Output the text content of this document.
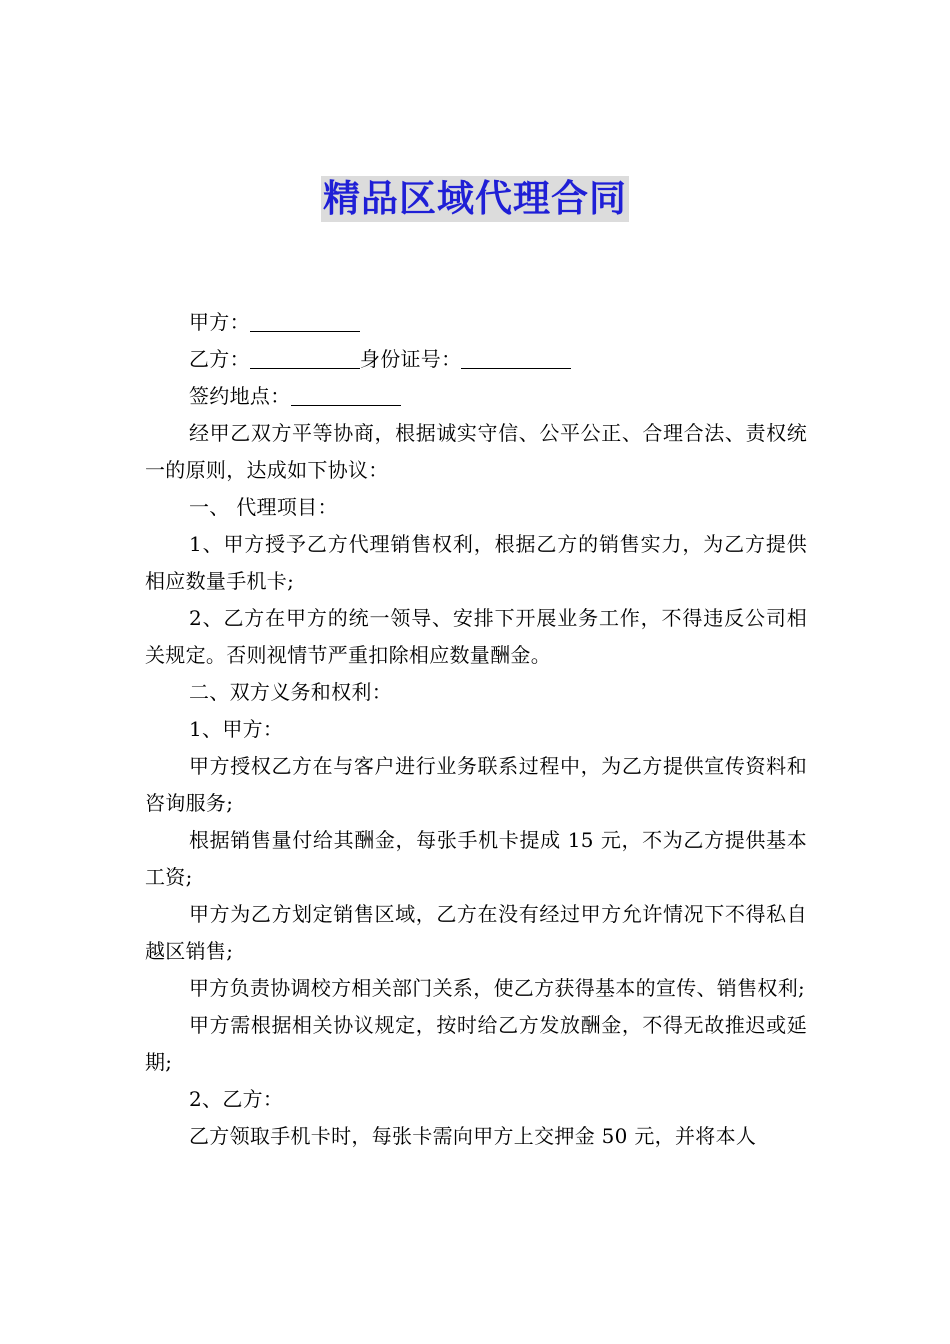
精品区域代理合同

甲方：

乙方：	身份证号：

签约地点：

经甲乙双方平等协商，根据诚实守信、公平公正、合理合法、责权统一的原则，达成如下协议：

一、 代理项目：

1、甲方授予乙方代理销售权利，根据乙方的销售实力，为乙方提供相应数量手机卡;

2、乙方在甲方的统一领导、安排下开展业务工作，不得违反公司相关规定。否则视情节严重扣除相应数量酬金。

二、双方义务和权利：

1、甲方：

甲方授权乙方在与客户进行业务联系过程中，为乙方提供宣传资料和咨询服务;

根据销售量付给其酬金，每张手机卡提成 15 元，不为乙方提供基本工资;

甲方为乙方划定销售区域，乙方在没有经过甲方允许情况下不得私自越区销售;

甲方负责协调校方相关部门关系，使乙方获得基本的宣传、销售权利;

甲方需根据相关协议规定，按时给乙方发放酬金，不得无故推迟或延期;

2、乙方：

乙方领取手机卡时，每张卡需向甲方上交押金 50 元，并将本人
